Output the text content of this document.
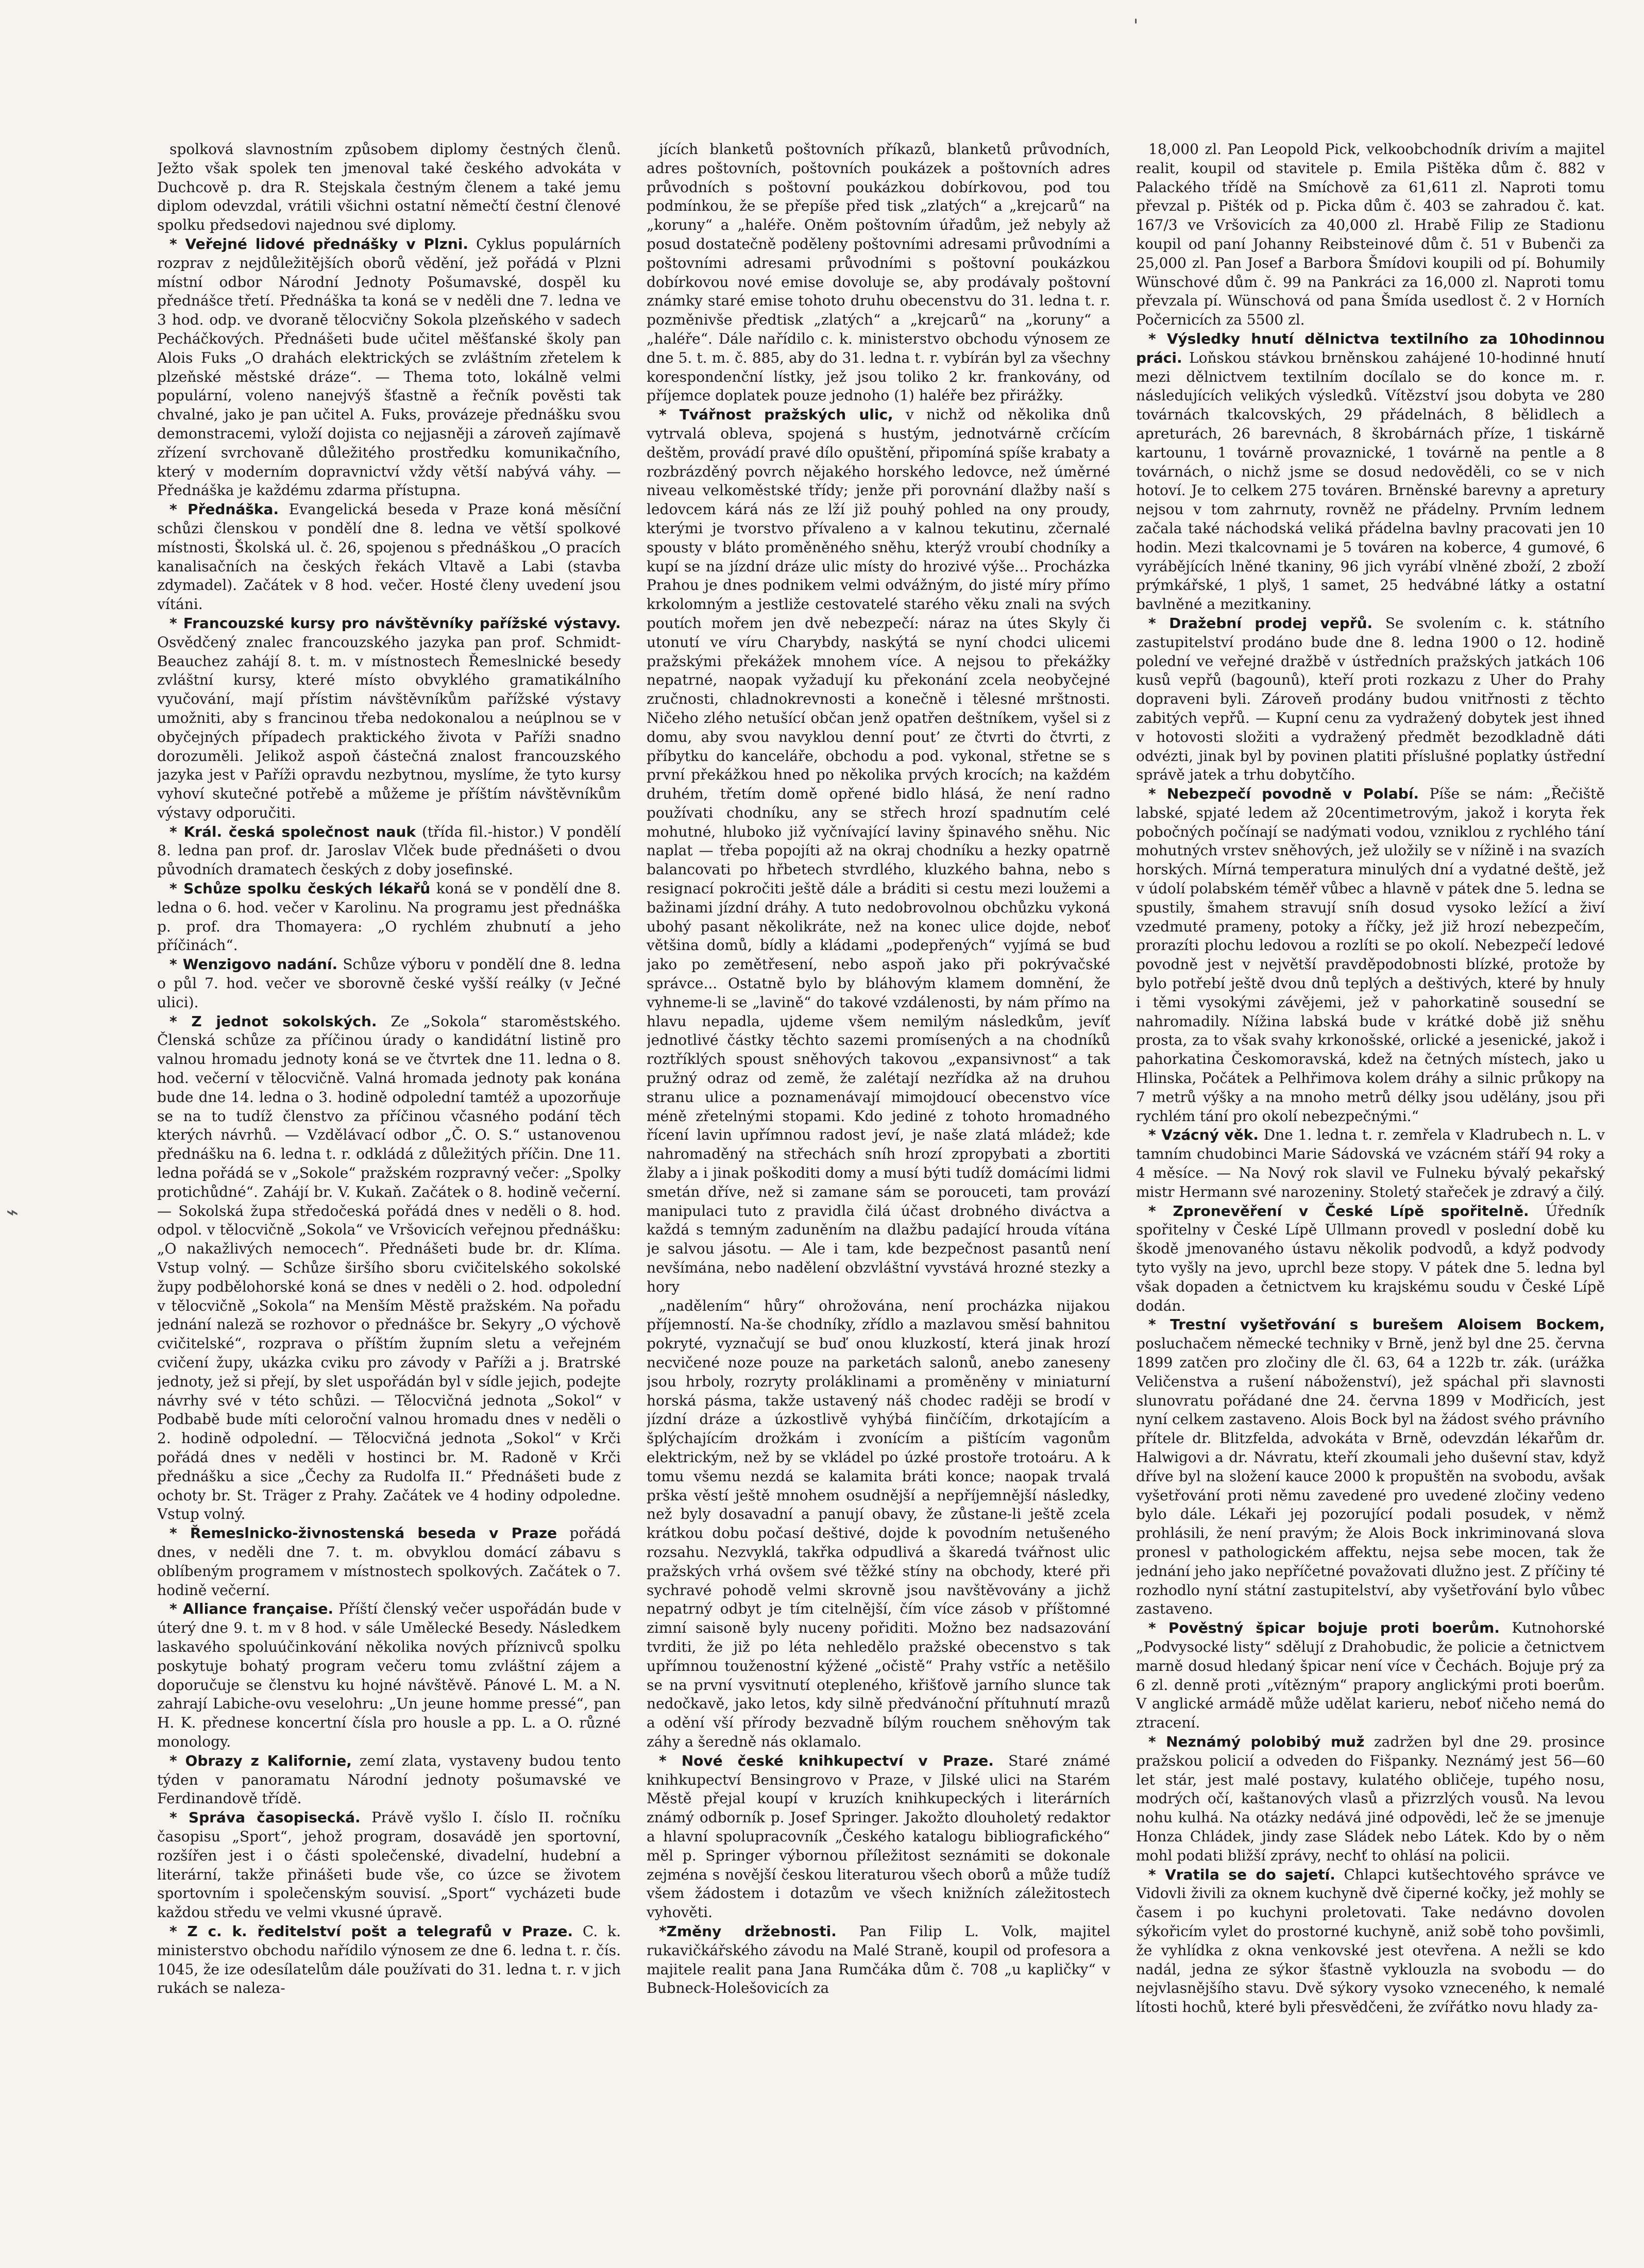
'
⌁

spolková slavnostním způsobem diplomy čestných členů. Ježto však spolek ten jmenoval také českého advokáta v Duchcově p. dra R. Stejskala čestným členem a také jemu diplom odevzdal, vrátili všichni ostatní němečtí čestní členové spolku předsedovi najednou své diplomy.

* Veřejné lidové přednášky v Plzni. Cyklus populárních rozprav z nejdůležitějších oborů vědění, jež pořádá v Plzni místní odbor Národní Jednoty Pošumavské, dospěl ku přednášce třetí. Přednáška ta koná se v neděli dne 7. ledna ve 3 hod. odp. ve dvoraně tělocvičny Sokola plzeňského v sadech Pecháčkových. Přednášeti bude učitel měšťanské školy pan Alois Fuks „O drahách elektrických se zvláštním zřetelem k plzeňské městské dráze“. — Thema toto, lokálně velmi populární, voleno nanejvýš šťastně a řečník pověsti tak chvalné, jako je pan učitel A. Fuks, provázeje přednášku svou demonstracemi, vyloží dojista co nejjasněji a zároveň zajímavě zřízení svrchovaně důležitého prostředku komunikačního, který v moderním dopravnictví vždy větší nabývá váhy. — Přednáška je každému zdarma přístupna.

* Přednáška. Evangelická beseda v Praze koná měsíční schůzi členskou v pondělí dne 8. ledna ve větší spolkové místnosti, Školská ul. č. 26, spojenou s přednáškou „O pracích kanalisačních na českých řekách Vltavě a Labi (stavba zdymadel). Začátek v 8 hod. večer. Hosté členy uvedení jsou vítáni.

* Francouzské kursy pro návštěvníky pařížské výstavy. Osvědčený znalec francouzského jazyka pan prof. Schmidt-Beauchez zahájí 8. t. m. v místnostech Řemeslnické besedy zvláštní kursy, které místo obvyklého gramatikálního vyučování, mají přístim návštěvníkům pařížské výstavy umožniti, aby s francinou třeba nedokonalou a neúplnou se v obyčejných případech praktického života v Paříži snadno dorozuměli. Jelikož aspoň částečná znalost francouzského jazyka jest v Paříži opravdu nezbytnou, myslíme, že tyto kursy vyhoví skutečné potřebě a můžeme je příštím návštěvníkům výstavy odporučiti.

* Král. česká společnost nauk (třída fil.-histor.) V pondělí 8. ledna pan prof. dr. Jaroslav Vlček bude přednášeti o dvou původních dramatech českých z doby josefinské.

* Schůze spolku českých lékařů koná se v pondělí dne 8. ledna o 6. hod. večer v Karolinu. Na programu jest přednáška p. prof. dra Thomayera: „O rychlém zhubnutí a jeho příčinách“.

* Wenzigovo nadání. Schůze výboru v pondělí dne 8. ledna o půl 7. hod. večer ve sborovně české vyšší reálky (v Ječné ulici).

* Z jednot sokolských. Ze „Sokola“ staroměstského. Členská schůze za příčinou úrady o kandidátní listině pro valnou hromadu jednoty koná se ve čtvrtek dne 11. ledna o 8. hod. večerní v tělocvičně. Valná hromada jednoty pak konána bude dne 14. ledna o 3. hodině odpolední tamtéž a upozorňuje se na to tudíž členstvo za příčinou včasného podání těch kterých návrhů. — Vzdělávací odbor „Č. O. S.“ ustanovenou přednášku na 6. ledna t. r. odkládá z důležitých příčin. Dne 11. ledna pořádá se v „Sokole“ pražském rozpravný večer: „Spolky protichůdné“. Zahájí br. V. Kukaň. Začátek o 8. hodině večerní. — Sokolská župa středočeská pořádá dnes v neděli o 8. hod. odpol. v tělocvičně „Sokola“ ve Vršovicích veřejnou přednášku: „O nakažlivých nemocech“. Přednášeti bude br. dr. Klíma. Vstup volný. — Schůze širšího sboru cvičitelského sokolské župy podbělohorské koná se dnes v neděli o 2. hod. odpolední v tělocvičně „Sokola“ na Menším Městě pražském. Na pořadu jednání naleză se rozhovor o přednášce br. Sekyry „O výchově cvičitelské“, rozprava o příštím župním sletu a veřejném cvičení župy, ukázka cviku pro závody v Paříži a j. Bratrské jednoty, jež si přejí, by slet uspořádán byl v sídle jejich, podejte návrhy své v této schůzi. — Tělocvičná jednota „Sokol“ v Podbabě bude míti celoroční valnou hromadu dnes v neděli o 2. hodině odpolední. — Tělocvičná jednota „Sokol“ v Krči pořádá dnes v neděli v hostinci br. M. Radoně v Krči přednášku a sice „Čechy za Rudolfa II.“ Přednášeti bude z ochoty br. St. Träger z Prahy. Začátek ve 4 hodiny odpoledne. Vstup volný.

* Řemeslnicko-živnostenská beseda v Praze pořádá dnes, v neděli dne 7. t. m. obvyklou domácí zábavu s oblíbeným programem v místnostech spolkových. Začátek o 7. hodině večerní.

* Alliance française. Příští členský večer uspořádán bude v úterý dne 9. t. m v 8 hod. v sále Umělecké Besedy. Následkem laskavého spoluúčinkování několika nových příznivců spolku poskytuje bohatý program večeru tomu zvláštní zájem a doporučuje se členstvu ku hojné návštěvě. Pánové L. M. a N. zahrají Labiche-ovu veselohru: „Un jeune homme pressé“, pan H. K. přednese koncertní čísla pro housle a pp. L. a O. různé monology.

* Obrazy z Kalifornie, zemí zlata, vystaveny budou tento týden v panoramatu Národní jednoty pošumavské ve Ferdinandově třídě.

* Správa časopisecká. Právě vyšlo I. číslo II. ročníku časopisu „Sport“, jehož program, dosavádě jen sportovní, rozšířen jest i o části společenské, divadelní, hudební a literární, takže přinášeti bude vše, co úzce se životem sportovním i společenským souvisí. „Sport“ vycházeti bude každou středu ve velmi vkusné úpravě.

* Z c. k. ředitelství pošt a telegrafů v Praze. C. k. ministerstvo obchodu nařídilo výnosem ze dne 6. ledna t. r. čís. 1045, že ize odesílatelům dále používati do 31. ledna t. r. v jich rukách se naleza-

jících blanketů poštovních příkazů, blanketů průvodních, adres poštovních, poštovních poukázek a poštovních adres průvodních s poštovní poukázkou dobírkovou, pod tou podmínkou, že se přepíše před tisk „zlatých“ a „krejcarů“ na „koruny“ a „haléře. Oněm poštovním úřadům, jež nebyly až posud dostatečně poděleny poštovními adresami průvodními a poštovními adresami průvodními s poštovní poukázkou dobírkovou nové emise dovoluje se, aby prodávaly poštovní známky staré emise tohoto druhu obecenstvu do 31. ledna t. r. pozměnivše předtisk „zlatých“ a „krejcarů“ na „koruny“ a „haléře“. Dále nařídilo c. k. ministerstvo obchodu výnosem ze dne 5. t. m. č. 885, aby do 31. ledna t. r. vybírán byl za všechny korespondenční lístky, jež jsou toliko 2 kr. frankovány, od příjemce doplatek pouze jednoho (1) haléře bez přirážky.

* Tvářnost pražských ulic, v nichž od několika dnů vytrvalá obleva, spojená s hustým, jednotvárně crčícím deštěm, provádí pravé dílo opuštění, připomíná spíše krabaty a rozbrázděný povrch nějakého horského ledovce, než úměrné niveau velkoměstské třídy; jenže při porovnání dlažby naší s ledovcem kárá nás ze lží již pouhý pohled na ony proudy, kterými je tvorstvo přívaleno a v kalnou tekutinu, zčernalé spousty v bláto proměněného sněhu, kterýž vroubí chodníky a kupí se na jízdní dráze ulic místy do hrozivé výše... Procházka Prahou je dnes podnikem velmi odvážným, do jisté míry přímo krkolomným a jestliže cestovatelé starého věku znali na svých poutích mořem jen dvě nebezpečí: náraz na útes Skyly či utonutí ve víru Charybdy, naskýtá se nyní chodci ulicemi pražskými překážek mnohem více. A nejsou to překážky nepatrné, naopak vyžadují ku překonání zcela neobyčejné zručnosti, chladnokrevnosti a konečně i tělesné mrštnosti. Ničeho zlého netušící občan jenž opatřen deštníkem, vyšel si z domu, aby svou navyklou denní pout’ ze čtvrti do čtvrti, z příbytku do kanceláře, obchodu a pod. vykonal, střetne se s první překážkou hned po několika prvých krocích; na každém druhém, třetím domě opřené bidlo hlásá, že není radno používati chodníku, any se střech hrozí spadnutím celé mohutné, hluboko již vyčnívající laviny špinavého sněhu. Nic naplat — třeba popojíti až na okraj chodníku a hezky opatrně balancovati po hřbetech stvrdlého, kluzkého bahna, nebo s resignací pokročiti ještě dále a bráditi si cestu mezi loužemi a bažinami jízdní dráhy. A tuto nedobrovolnou obchůzku vykoná ubohý pasant několikráte, než na konec ulice dojde, neboť většina domů, bídly a kládami „podepřených“ vyjímá se buď jako po zemětřesení, nebo aspoň jako při pokrývačské správce... Ostatně bylo by bláhovým klamem domnění, že vyhneme-li se „lavině“ do takové vzdálenosti, by nám přímo na hlavu nepadla, ujdeme všem nemilým následkům, jevíť jednotlivé částky těchto sazemi promísených a na chodníků roztříklých spoust sněhových takovou „expansivnost“ a tak pružný odraz od země, že zalétají nezřídka až na druhou stranu ulice a poznamenávají mimojdoucí obecenstvo více méně zřetelnými stopami. Kdo jediné z tohoto hromadného řícení lavin upřímnou radost jeví, je naše zlatá mládež; kde nahromaděný na střechách sníh hrozí zpropybati a zbortiti žlaby a i jinak poškoditi domy a musí býti tudíž domácími lidmi smetán dříve, než si zamane sám se porouceti, tam provází manipulaci tuto z pravidla čilá účast drobného diváctva a každá s temným zaduněním na dlažbu padající hrouda vítána je salvou jásotu. — Ale i tam, kde bezpečnost pasantů není nevšímána, nebo nadělení obzvláštní vyvstává hrozné stezky a hory

„nadělením“ hůry“ ohrožována, není procházka nijakou příjemností. Na-še chodníky, zřídlo a mazlavou směsí bahnitou pokryté, vyznačují se buď onou kluzkostí, která jinak hrozí necvičené noze pouze na parketách salonů, anebo zaneseny jsou hrboly, rozryty proláklinami a proměněny v miniaturní horská pásma, takže ustavený náš chodec raději se brodí v jízdní dráze a úzkostlivě vyhýbá fiinčíčím, drkotajícím a šplýchajícím drožkám i zvonícím a pištícím vagonům elektrickým, než by se vkládel po úzké prostoře trotoáru. A k tomu všemu nezdá se kalamita bráti konce; naopak trvalá prška věstí ještě mnohem osudnější a nepříjemnější následky, než byly dosavadní a panují obavy, že zůstane-li ještě zcela krátkou dobu počasí deštivé, dojde k povodním netušeného rozsahu. Nezvyklá, takřka odpudlivá a škaredá tvářnost ulic pražských vrhá ovšem své těžké stíny na obchody, které při sychravé pohodě velmi skrovně jsou navštěvovány a jichž nepatrný odbyt je tím citelnější, čím více zásob v příštomné zimní saisoně byly nuceny pořiditi. Možno bez nadsazování tvrditi, že již po léta nehledělo pražské obecenstvo s tak upřímnou touženostní kýžené „očistě“ Prahy vstříc a netěšilo se na první vysvitnutí otepleného, křišťově jarního slunce tak nedočkavě, jako letos, kdy silně předvánoční přítuhnutí mrazů a odění vší přírody bezvadně bílým rouchem sněhovým tak záhy a šeredně nás oklamalo.

* Nové české knihkupectví v Praze. Staré známé knihkupectví Bensingrovo v Praze, v Jilské ulici na Starém Městě přejal koupí v kruzích knihkupeckých i literárních známý odborník p. Josef Springer. Jakožto dlouholetý redaktor a hlavní spolupracovník „Českého katalogu bibliografického“ měl p. Springer výbornou příležitost seznámiti se dokonale zejména s novější českou literaturou všech oborů a může tudíž všem žádostem i dotazům ve všech knižních záležitostech vyhověti.

*Změny držebnosti. Pan Filip L. Volk, majitel rukavičkářského závodu na Malé Straně, koupil od profesora a majitele realit pana Jana Rumčáka dům č. 708 „u kapličky“ v Bubneck-Holešovicích za

18,000 zl. Pan Leopold Pick, velkoobchodník drivím a majitel realit, koupil od stavitele p. Emila Pištěka dům č. 882 v Palackého třídě na Smíchově za 61,611 zl. Naproti tomu převzal p. Pišték od p. Picka dům č. 403 se zahradou č. kat. 167/3 ve Vršovicích za 40,000 zl. Hrabě Filip ze Stadionu koupil od paní Johanny Reibsteinové dům č. 51 v Bubenči za 25,000 zl. Pan Josef a Barbora Šmídovi koupili od pí. Bohumily Wünschové dům č. 99 na Pankráci za 16,000 zl. Naproti tomu převzala pí. Wünschová od pana Šmída usedlost č. 2 v Horních Počernicích za 5500 zl.

* Výsledky hnutí dělnictva textilního za 10hodinnou práci. Loňskou stávkou brněnskou zahájené 10-hodinné hnutí mezi dělnictvem textilním docílalo se do konce m. r. následujících velikých výsledků. Vítězství jsou dobyta ve 280 továrnách tkalcovských, 29 přádelnách, 8 bělidlech a apreturách, 26 barevnách, 8 škrobárnách příze, 1 tiskárně kartounu, 1 továrně provaznické, 1 továrně na pentle a 8 továrnách, o nichž jsme se dosud nedověděli, co se v nich hotoví. Je to celkem 275 továren. Brněnské barevny a apretury nejsou v tom zahrnuty, rovněž ne přádelny. Prvním lednem začala také náchodská veliká přádelna bavlny pracovati jen 10 hodin. Mezi tkalcovnami je 5 továren na koberce, 4 gumové, 6 vyrábějících lněné tkaniny, 96 jich vyrábí vlněné zboží, 2 zboží prýmkářské, 1 plyš, 1 samet, 25 hedvábné látky a ostatní bavlněné a mezitkaniny.

* Dražební prodej vepřů. Se svolením c. k. státního zastupitelství prodáno bude dne 8. ledna 1900 o 12. hodině polední ve veřejné dražbě v ústředních pražských jatkách 106 kusů vepřů (bagounů), kteří proti rozkazu z Uher do Prahy dopraveni byli. Zároveň prodány budou vnitřnosti z těchto zabitých vepřů. — Kupní cenu za vydražený dobytek jest ihned v hotovosti složiti a vydražený předmět bezodkladně dáti odvézti, jinak byl by povinen platiti příslušné poplatky ústřední správě jatek a trhu dobytčího.

* Nebezpečí povodně v Polabí. Píše se nám: „Řečiště labské, spjaté ledem až 20centimetrovým, jakož i koryta řek pobočných počínají se nadýmati vodou, vzniklou z rychlého tání mohutných vrstev sněhových, jež uložily se v nížině i na svazích horských. Mírná temperatura minulých dní a vydatné deště, jež v údolí polabském téměř vůbec a hlavně v pátek dne 5. ledna se spustily, šmahem stravují sníh dosud vysoko ležící a živí vzedmuté prameny, potoky a říčky, jež již hrozí nebezpečím, prorazíti plochu ledovou a rozlíti se po okolí. Nebezpečí ledové povodně jest v největší pravděpodobnosti blízké, protože by bylo potřebí ještě dvou dnů teplých a deštivých, které by hnuly i těmi vysokými závějemi, jež v pahorkatině sousední se nahromadily. Nížina labská bude v krátké době již sněhu prosta, za to však svahy krkonošské, orlické a jesenické, jakož i pahorkatina Českomoravská, kdež na četných místech, jako u Hlinska, Počátek a Pelhřimova kolem dráhy a silnic průkopy na 7 metrů výšky a na mnoho metrů délky jsou udělány, jsou při rychlém tání pro okolí nebezpečnými.“

* Vzácný věk. Dne 1. ledna t. r. zemřela v Kladrubech n. L. v tamním chudobinci Marie Sádovská ve vzácném stáří 94 roky a 4 měsíce. — Na Nový rok slavil ve Fulneku bývalý pekařský mistr Hermann své narozeniny. Stoletý stařeček je zdravý a čilý.

* Zpronevěření v České Lípě spořitelně. Úředník spořitelny v České Lípě Ullmann provedl v poslední době ku škodě jmenovaného ústavu několik podvodů, a když podvody tyto vyšly na jevo, uprchl beze stopy. V pátek dne 5. ledna byl však dopaden a četnictvem ku krajskému soudu v České Lípě dodán.

* Trestní vyšetřování s burešem Aloisem Bockem, posluchačem německé techniky v Brně, jenž byl dne 25. června 1899 zatčen pro zločiny dle čl. 63, 64 a 122b tr. zák. (urážka Veličenstva a rušení náboženství), jež spáchal při slavnosti slunovratu pořádané dne 24. června 1899 v Modřicích, jest nyní celkem zastaveno. Alois Bock byl na žádost svého právního přítele dr. Blitzfelda, advokáta v Brně, odevzdán lékařům dr. Halwigovi a dr. Návratu, kteří zkoumali jeho duševní stav, když dříve byl na složení kauce 2000 k propuštěn na svobodu, avšak vyšetřování proti němu zavedené pro uvedené zločiny vedeno bylo dále. Lékaři jej pozorující podali posudek, v němž prohlásili, že není pravým; že Alois Bock inkriminovaná slova pronesl v pathologickém affektu, nejsa sebe mocen, tak že jednání jeho jako nepříčetné považovati dlužno jest. Z příčiny té rozhodlo nyní státní zastupitelství, aby vyšetřování bylo vůbec zastaveno.

* Pověstný špicar bojuje proti boerům. Kutnohorské „Podvysocké listy“ sdělují z Drahobudic, že policie a četnictvem marně dosud hledaný špicar není více v Čechách. Bojuje prý za 6 zl. denně proti „vítězným“ prapory anglickými proti boerům. V anglické armádě může udělat karieru, neboť ničeho nemá do ztracení.

* Neznámý polobibý muž zadržen byl dne 29. prosince pražskou policií a odveden do Fišpanky. Neznámý jest 56—60 let stár, jest malé postavy, kulatého obličeje, tupého nosu, modrých očí, kaštanových vlasů a přizrzlých vousů. Na levou nohu kulhá. Na otázky nedává jiné odpovědi, leč že se jmenuje Honza Chládek, jindy zase Sládek nebo Látek. Kdo by o něm mohl podati bližší zprávy, nechť to ohlásí na policii.

* Vratila se do sajetí. Chlapci kutšechtového správce ve Vidovli živili za oknem kuchyně dvě čiperné kočky, jež mohly se časem i po kuchyni proletovati. Take nedávno dovolen sýkořicím vylet do prostorné kuchyně, aniž sobě toho povšimli, že vyhlídka z okna venkovské jest otevřena. A nežli se kdo nadál, jedna ze sýkor šťastně vyklouzla na svobodu — do nejvlasnějšího stavu. Dvě sýkory vysoko vzneceného, k nemalé lítosti hochů, které byli přesvědčeni, že zvířátko novu hlady za-
